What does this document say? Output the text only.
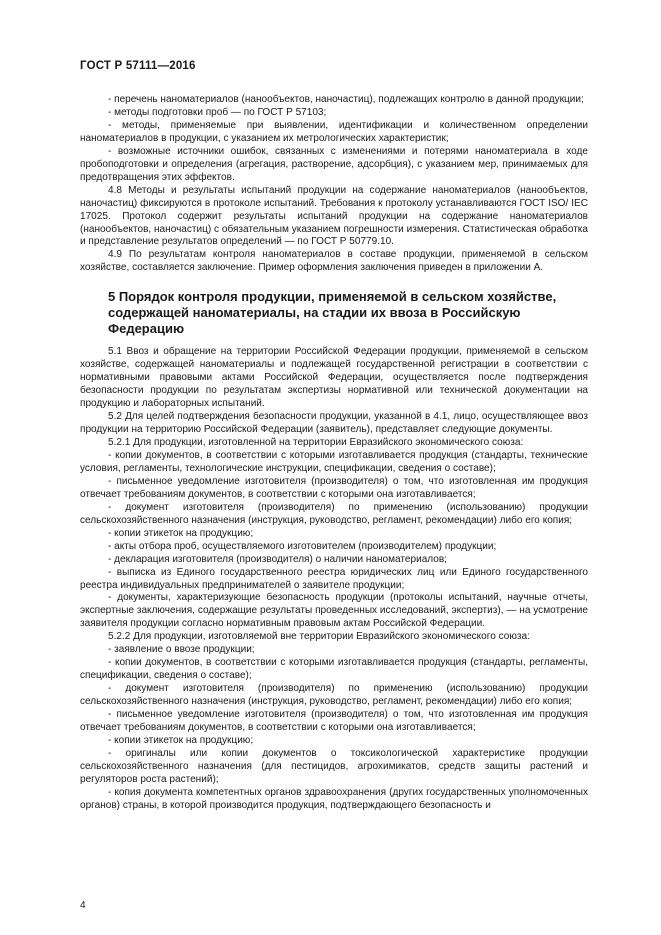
ГОСТ Р 57111—2016
- перечень наноматериалов (нанообъектов, наночастиц), подлежащих контролю в данной продукции;
- методы подготовки проб — по ГОСТ Р 57103;
- методы, применяемые при выявлении, идентификации и количественном определении наноматериалов в продукции, с указанием их метрологических характеристик;
- возможные источники ошибок, связанных с изменениями и потерями наноматериала в ходе пробоподготовки и определения (агрегация, растворение, адсорбция), с указанием мер, принимаемых для предотвращения этих эффектов.
4.8 Методы и результаты испытаний продукции на содержание наноматериалов (нанообъектов, наночастиц) фиксируются в протоколе испытаний. Требования к протоколу устанавливаются ГОСТ ISO/ IEC 17025. Протокол содержит результаты испытаний продукции на содержание наноматериалов (нанообъектов, наночастиц) с обязательным указанием погрешности измерения. Статистическая обработка и представление результатов определений — по ГОСТ Р 50779.10.
4.9 По результатам контроля наноматериалов в составе продукции, применяемой в сельском хозяйстве, составляется заключение. Пример оформления заключения приведен в приложении А.
5 Порядок контроля продукции, применяемой в сельском хозяйстве, содержащей наноматериалы, на стадии их ввоза в Российскую Федерацию
5.1 Ввоз и обращение на территории Российской Федерации продукции, применяемой в сельском хозяйстве, содержащей наноматериалы и подлежащей государственной регистрации в соответствии с нормативными правовыми актами Российской Федерации, осуществляется после подтверждения безопасности продукции по результатам экспертизы нормативной или технической документации на продукцию и лабораторных испытаний.
5.2 Для целей подтверждения безопасности продукции, указанной в 4.1, лицо, осуществляющее ввоз продукции на территорию Российской Федерации (заявитель), представляет следующие документы.
5.2.1 Для продукции, изготовленной на территории Евразийского экономического союза:
- копии документов, в соответствии с которыми изготавливается продукция (стандарты, технические условия, регламенты, технологические инструкции, спецификации, сведения о составе);
- письменное уведомление изготовителя (производителя) о том, что изготовленная им продукция отвечает требованиям документов, в соответствии с которыми она изготавливается;
- документ изготовителя (производителя) по применению (использованию) продукции сельскохозяйственного назначения (инструкция, руководство, регламент, рекомендации) либо его копия;
- копии этикеток на продукцию;
- акты отбора проб, осуществляемого изготовителем (производителем) продукции;
- декларация изготовителя (производителя) о наличии наноматериалов;
- выписка из Единого государственного реестра юридических лиц или Единого государственного реестра индивидуальных предпринимателей о заявителе продукции;
- документы, характеризующие безопасность продукции (протоколы испытаний, научные отчеты, экспертные заключения, содержащие результаты проведенных исследований, экспертиз), — на усмотрение заявителя продукции согласно нормативным правовым актам Российской Федерации.
5.2.2 Для продукции, изготовляемой вне территории Евразийского экономического союза:
- заявление о ввозе продукции;
- копии документов, в соответствии с которыми изготавливается продукция (стандарты, регламенты, спецификации, сведения о составе);
- документ изготовителя (производителя) по применению (использованию) продукции сельскохозяйственного назначения (инструкция, руководство, регламент, рекомендации) либо его копия;
- письменное уведомление изготовителя (производителя) о том, что изготовленная им продукция отвечает требованиям документов, в соответствии с которыми она изготавливается;
- копии этикеток на продукцию;
- оригиналы или копии документов о токсикологической характеристике продукции сельскохозяйственного назначения (для пестицидов, агрохимикатов, средств защиты растений и регуляторов роста растений);
- копия документа компетентных органов здравоохранения (других государственных уполномоченных органов) страны, в которой производится продукция, подтверждающего безопасность и
4
